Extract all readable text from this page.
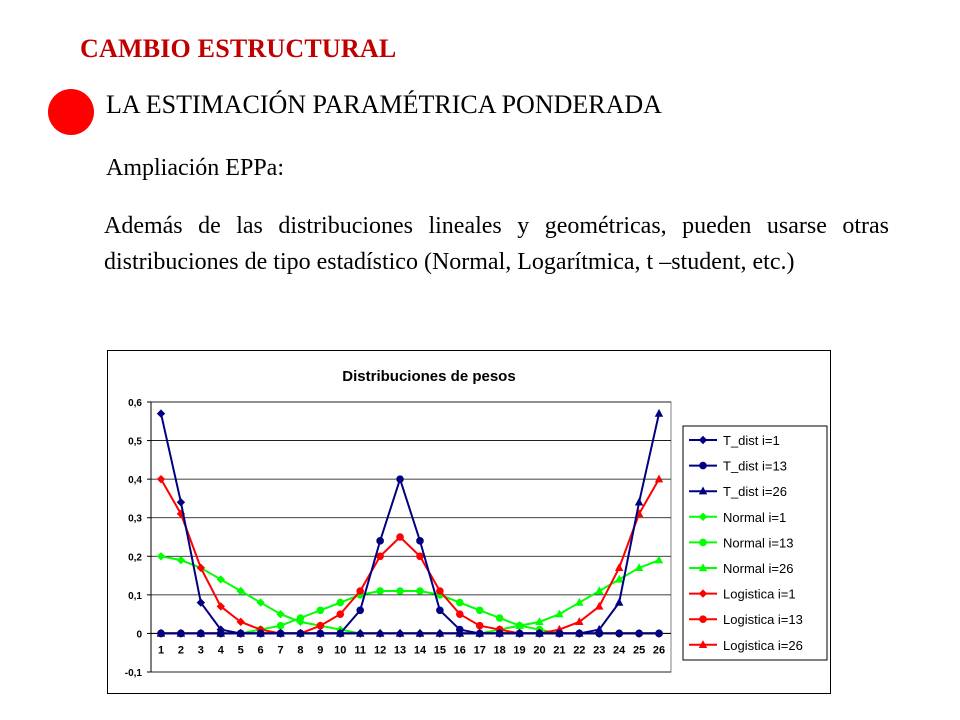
CAMBIO ESTRUCTURAL
LA ESTIMACIÓN PARAMÉTRICA PONDERADA
Ampliación EPPa:
Además de las distribuciones lineales y geométricas, pueden usarse otras distribuciones de tipo estadístico (Normal, Logarítmica, t –student, etc.)
Distribuciones de pesos
0,6
0,5
0,4
0,3
0,2
0,1
0
-0,1
1 2 3 4 5 6 7 8 9 10 11 12 13 14 15 16 17 18 19 20 21 22 23 24 25 26
T_dist i=1
T_dist i=13
T_dist i=26
Normal i=1
Normal i=13
Normal i=26
Logistica i=1
Logistica i=13
Logistica i=26
